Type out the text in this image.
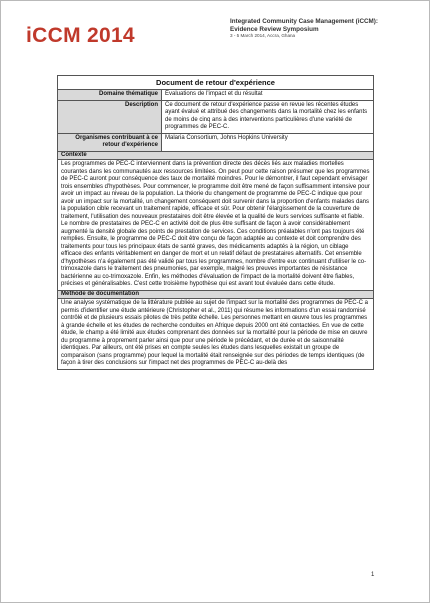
iCCM 2014
Integrated Community Case Management (iCCM):
Evidence Review Symposium
3 - 5 March 2014, Accra, Ghana
Document de retour d'expérience	
Domaine thématique	Évaluations de l'impact et du résultat
Description	Ce document de retour d'expérience passe en revue les récentes études ayant évalué et attribué des changements dans la mortalité chez les enfants de moins de cinq ans à des interventions particulières d'une variété de programmes de PEC-C.
Organismes contribuant à ce retour d'expérience	Malaria Consortium, Johns Hopkins University
Contexte	

Les programmes de PEC-C interviennent dans la prévention directe des décès liés aux maladies mortelles courantes dans les communautés aux ressources limitées. On peut pour cette raison présumer que les programmes de PEC-C auront pour conséquence des taux de mortalité moindres. Pour le démontrer, il faut cependant envisager trois ensembles d'hypothèses. Pour commencer, le programme doit être mené de façon suffisamment intensive pour avoir un impact au niveau de la population. La théorie du changement de programme de PEC-C indique que pour avoir un impact sur la mortalité, un changement conséquent doit survenir dans la proportion d'enfants malades dans la population cible recevant un traitement rapide, efficace et sûr. Pour obtenir l'élargissement de la couverture de traitement, l'utilisation des nouveaux prestataires doit être élevée et la qualité de leurs services suffisante et fiable. Le nombre de prestataires de PEC-C en activité doit de plus être suffisant de façon à avoir considérablement augmenté la densité globale des points de prestation de services. Ces conditions préalables n'ont pas toujours été remplies. Ensuite, le programme de PEC-C doit être conçu de façon adaptée au contexte et doit comprendre des traitements pour tous les principaux états de santé graves, des médicaments adaptés à la région, un ciblage efficace des enfants véritablement en danger de mort et un relatif défaut de prestataires alternatifs. Cet ensemble d'hypothèses n'a également pas été validé par tous les programmes, nombre d'entre eux continuant d'utiliser le co-trimoxazole dans le traitement des pneumonies, par exemple, malgré les preuves importantes de résistance bactérienne au co-trimoxazole. Enfin, les méthodes d'évaluation de l'impact de la mortalité doivent être fiables, précises et généralisables. C'est cette troisième hypothèse qui est avant tout évaluée dans cette étude.	

Méthode de documentation	

Une analyse systématique de la littérature publiée au sujet de l'impact sur la mortalité des programmes de PEC-C a permis d'identifier une étude antérieure (Christopher et al., 2011) qui résume les informations d'un essai randomisé contrôlé et de plusieurs essais pilotes de très petite échelle. Les personnes mettant en œuvre tous les programmes à grande échelle et les études de recherche conduites en Afrique depuis 2000 ont été contactées. En vue de cette étude, le champ a été limité aux études comprenant des données sur la mortalité pour la période de mise en œuvre du programme à proprement parler ainsi que pour une période le précédant, et de durée et de saisonnalité identiques. Par ailleurs, ont été prises en compte seules les études dans lesquelles existait un groupe de comparaison (sans programme) pour lequel la mortalité était renseignée sur des périodes de temps identiques (de façon à tirer des conclusions sur l'impact net des programmes de PEC-C au-delà des	

1
